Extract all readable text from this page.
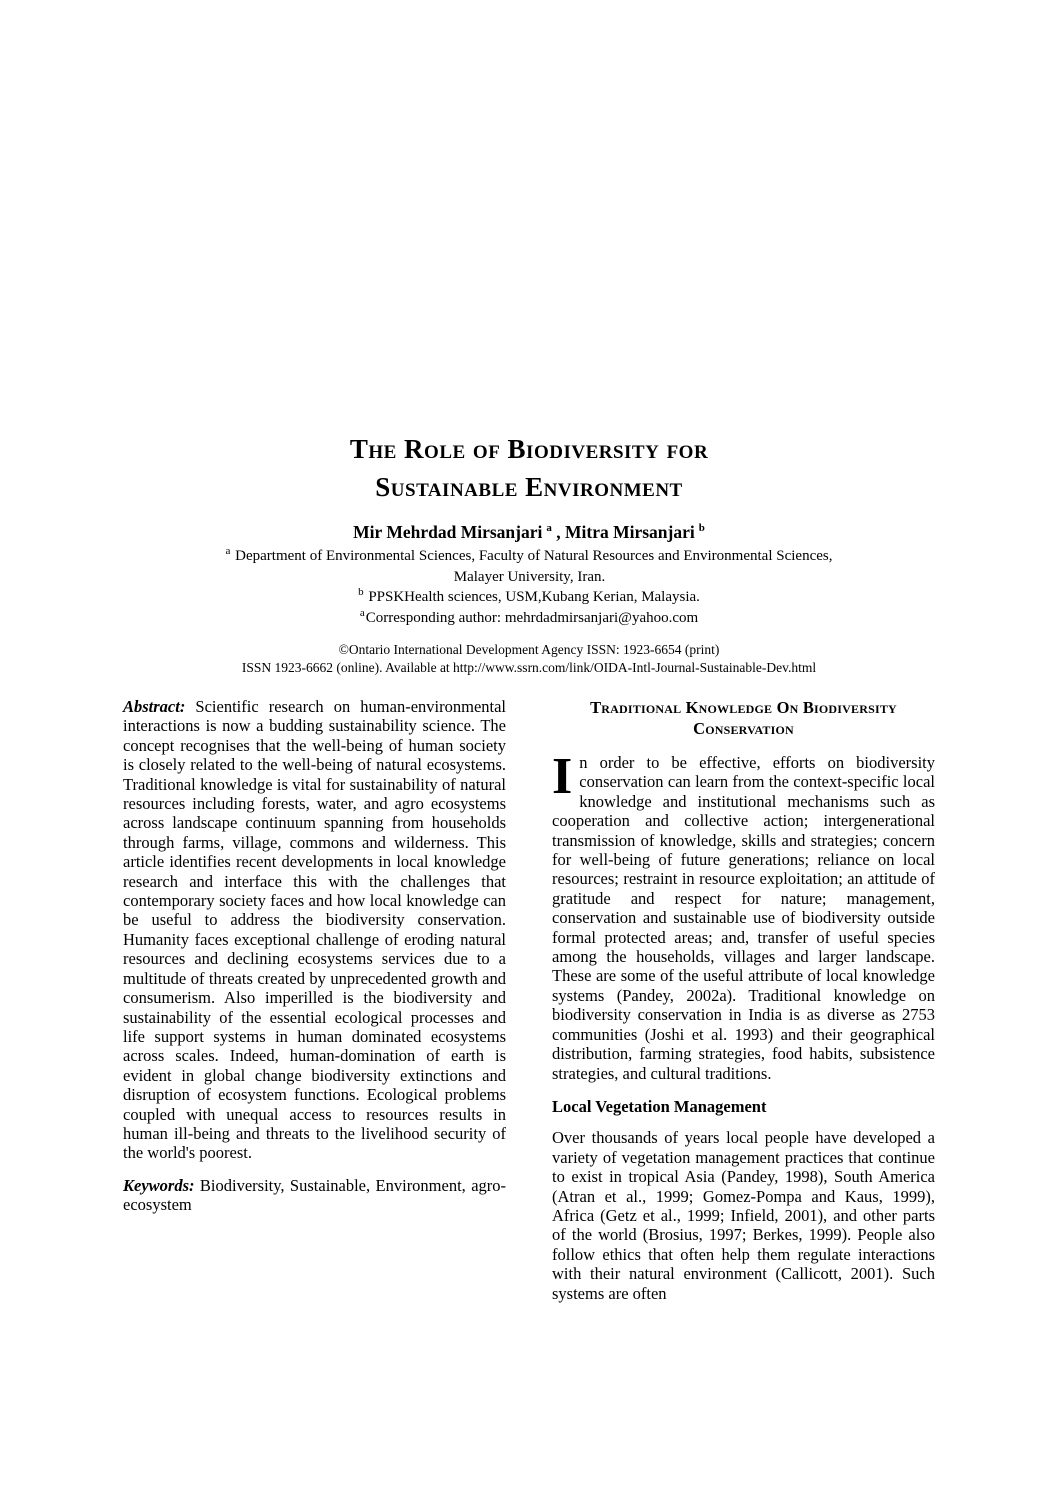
The Role of Biodiversity for
Sustainable Environment
Mir Mehrdad Mirsanjari $^a$ , Mitra Mirsanjari $^b$
$^a$ Department of Environmental Sciences, Faculty of Natural Resources and Environmental Sciences,
Malayer University, Iran.
$^b$ PPSKHealth sciences, USM,Kubang Kerian, Malaysia.
$^a$Corresponding author: mehrdadmirsanjari@yahoo.com
©Ontario International Development Agency ISSN: 1923-6654 (print)
ISSN 1923-6662 (online). Available at http://www.ssrn.com/link/OIDA-Intl-Journal-Sustainable-Dev.html

Abstract: Scientific research on human-environmental interactions is now a budding sustainability science. The concept recognises that the well-being of human society is closely related to the well-being of natural ecosystems. Traditional knowledge is vital for sustainability of natural resources including forests, water, and agro ecosystems across landscape continuum spanning from households through farms, village, commons and wilderness. This article identifies recent developments in local knowledge research and interface this with the challenges that contemporary society faces and how local knowledge can be useful to address the biodiversity conservation. Humanity faces exceptional challenge of eroding natural resources and declining ecosystems services due to a multitude of threats created by unprecedented growth and consumerism. Also imperilled is the biodiversity and sustainability of the essential ecological processes and life support systems in human dominated ecosystems across scales. Indeed, human-domination of earth is evident in global change biodiversity extinctions and disruption of ecosystem functions. Ecological problems coupled with unequal access to resources results in human ill-being and threats to the livelihood security of the world's poorest.

Keywords: Biodiversity, Sustainable, Environment, agro-ecosystem

Traditional Knowledge On Biodiversity Conservation

In order to be effective, efforts on biodiversity conservation can learn from the context-specific local knowledge and institutional mechanisms such as cooperation and collective action; intergenerational transmission of knowledge, skills and strategies; concern for well-being of future generations; reliance on local resources; restraint in resource exploitation; an attitude of gratitude and respect for nature; management, conservation and sustainable use of biodiversity outside formal protected areas; and, transfer of useful species among the households, villages and larger landscape. These are some of the useful attribute of local knowledge systems (Pandey, 2002a). Traditional knowledge on biodiversity conservation in India is as diverse as 2753 communities (Joshi et al. 1993) and their geographical distribution, farming strategies, food habits, subsistence strategies, and cultural traditions.

Local Vegetation Management

Over thousands of years local people have developed a variety of vegetation management practices that continue to exist in tropical Asia (Pandey, 1998), South America (Atran et al., 1999; Gomez-Pompa and Kaus, 1999), Africa (Getz et al., 1999; Infield, 2001), and other parts of the world (Brosius, 1997; Berkes, 1999). People also follow ethics that often help them regulate interactions with their natural environment (Callicott, 2001). Such systems are often
